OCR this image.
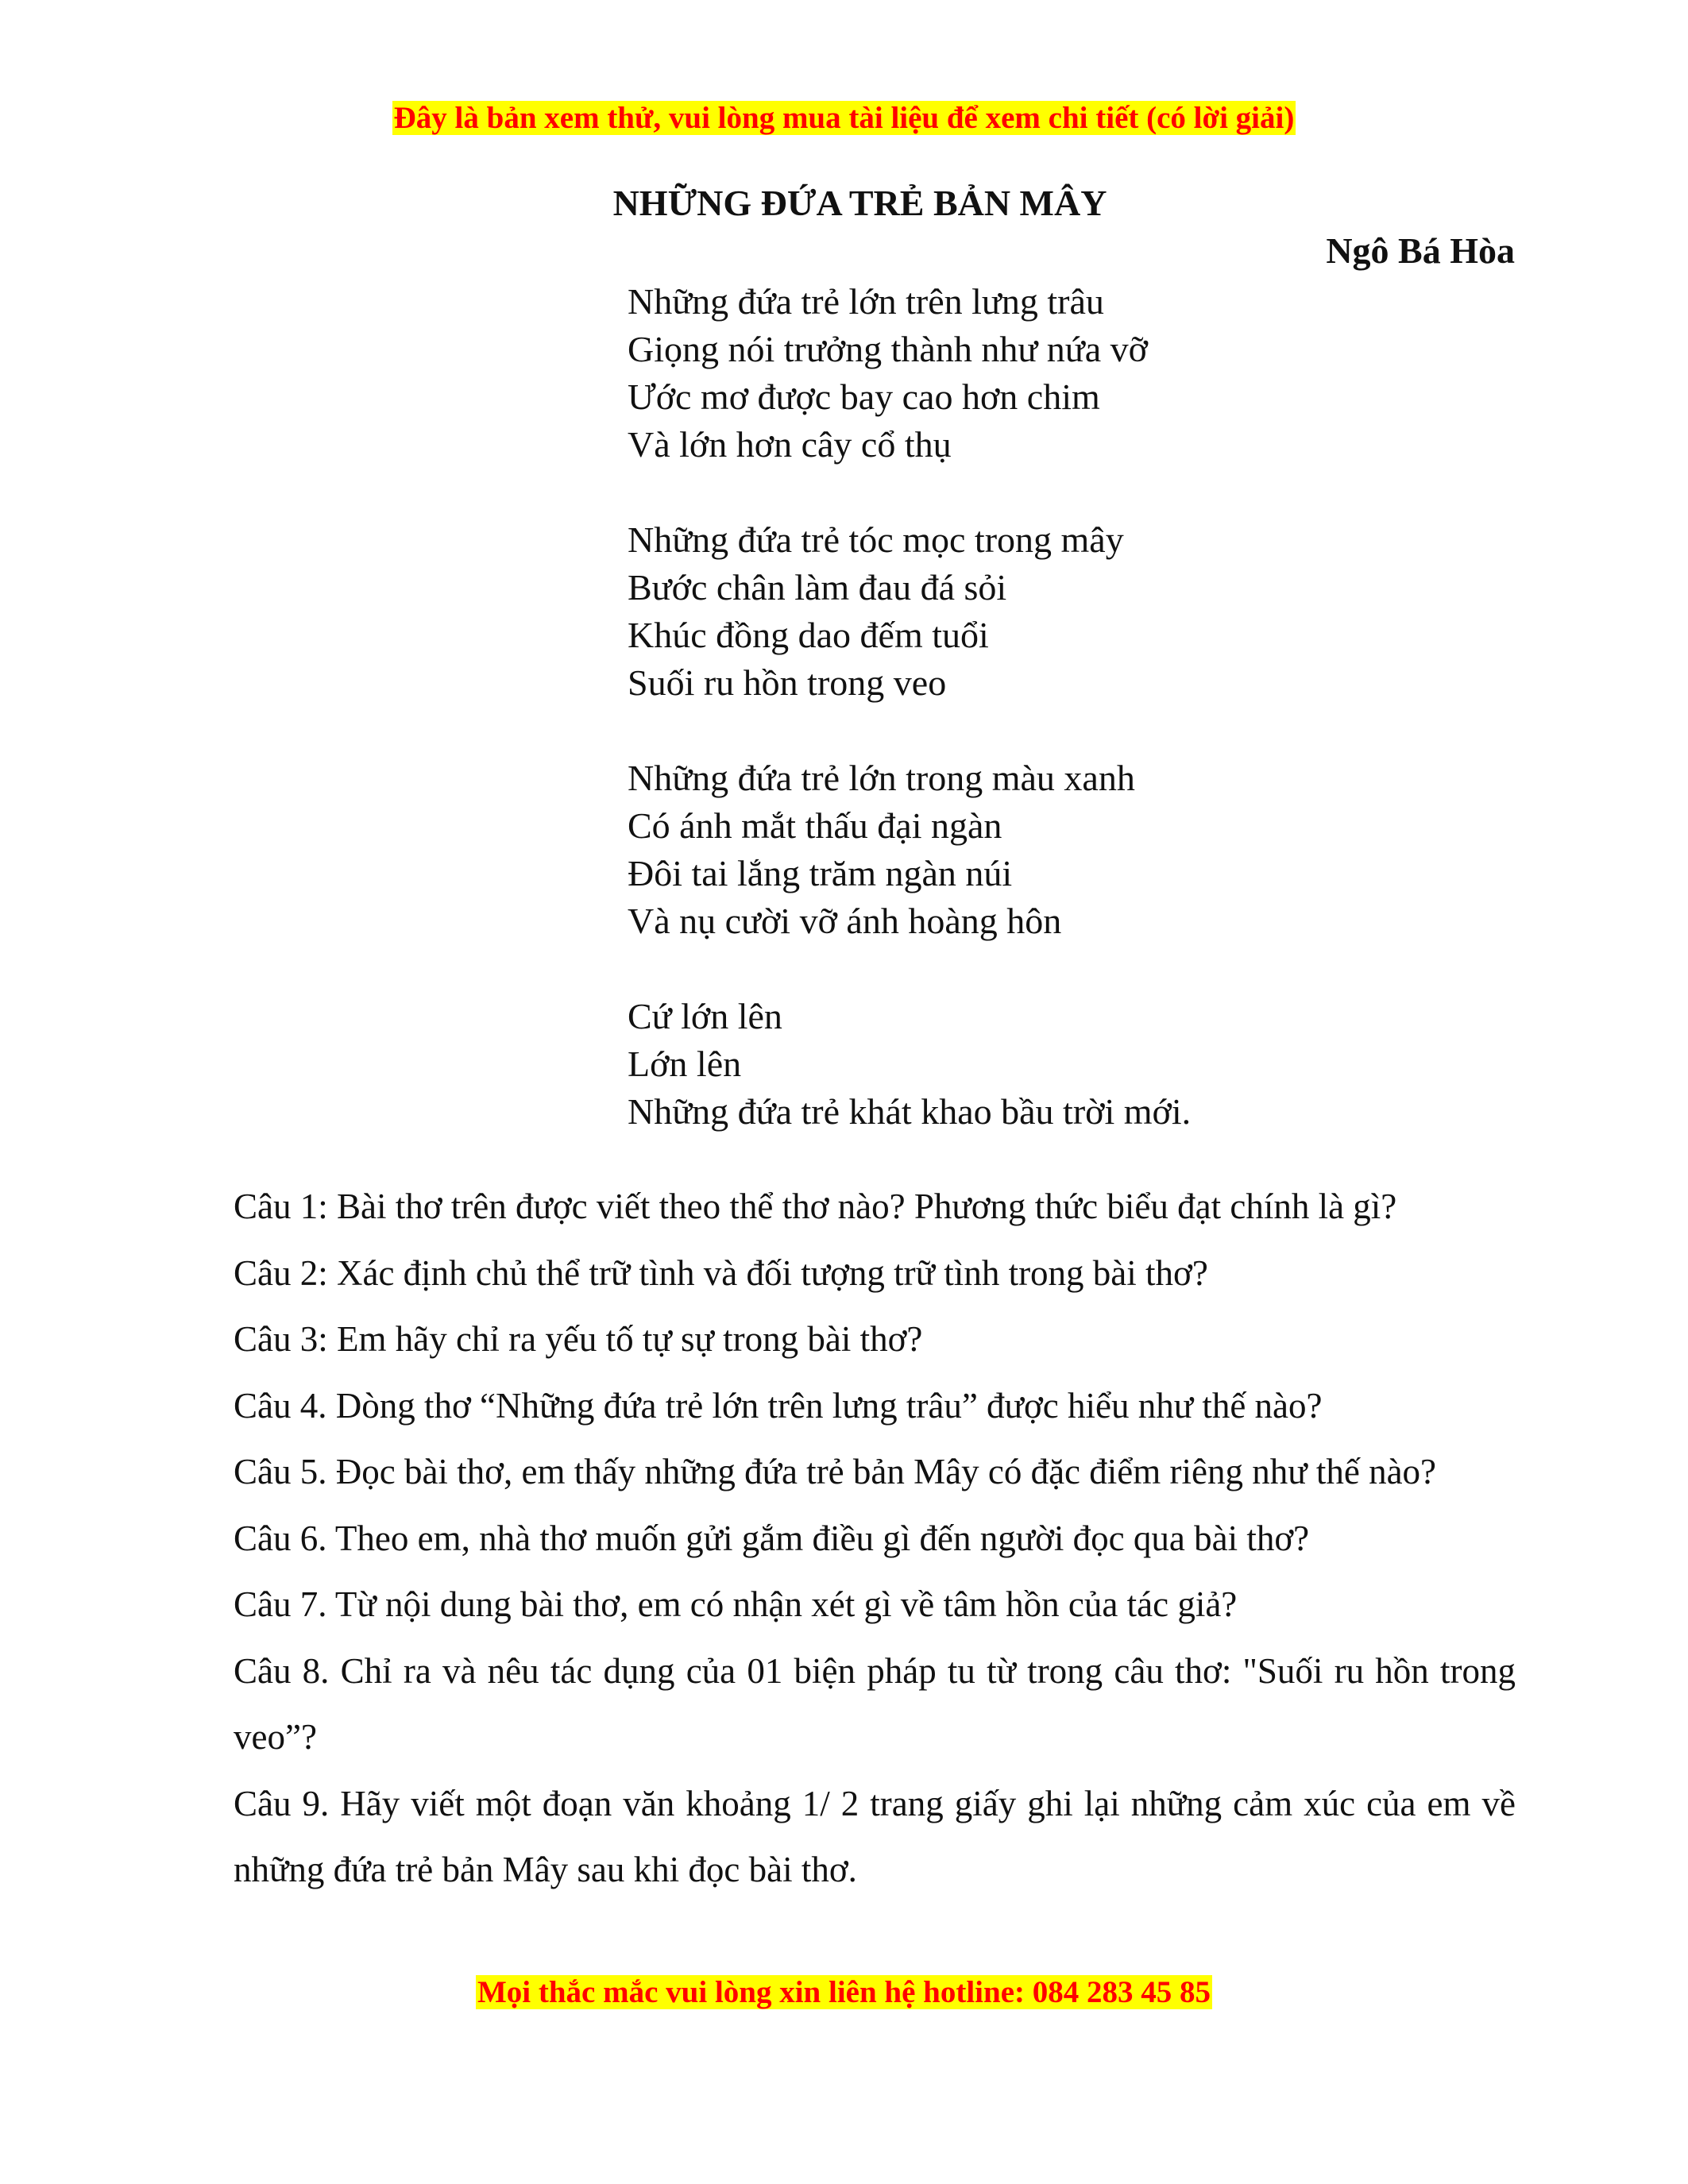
Đây là bản xem thử, vui lòng mua tài liệu để xem chi tiết (có lời giải)
NHỮNG ĐỨA TRẺ BẢN MÂY
Ngô Bá Hòa
Những đứa trẻ lớn trên lưng trâu
Giọng nói trưởng thành như nứa vỡ
Ước mơ được bay cao hơn chim
Và lớn hơn cây cổ thụ
Những đứa trẻ tóc mọc trong mây
Bước chân làm đau đá sỏi
Khúc đồng dao đếm tuổi
Suối ru hồn trong veo
Những đứa trẻ lớn trong màu xanh
Có ánh mắt thấu đại ngàn
Đôi tai lắng trăm ngàn núi
Và nụ cười vỡ ánh hoàng hôn
Cứ lớn lên
Lớn lên
Những đứa trẻ khát khao bầu trời mới.
Câu 1: Bài thơ trên được viết theo thể thơ nào? Phương thức biểu đạt chính là gì?
Câu 2: Xác định chủ thể trữ tình và đối tượng trữ tình trong bài thơ?
Câu 3: Em hãy chỉ ra yếu tố tự sự trong bài thơ?
Câu 4. Dòng thơ “Những đứa trẻ lớn trên lưng trâu” được hiểu như thế nào?
Câu 5. Đọc bài thơ, em thấy những đứa trẻ bản Mây có đặc điểm riêng như thế nào?
Câu 6. Theo em, nhà thơ muốn gửi gắm điều gì đến người đọc qua bài thơ?
Câu 7. Từ nội dung bài thơ, em có nhận xét gì về tâm hồn của tác giả?
Câu 8. Chỉ ra và nêu tác dụng của 01 biện pháp tu từ trong câu thơ: "Suối ru hồn trong veo”?
Câu 9. Hãy viết một đoạn văn khoảng 1/ 2 trang giấy ghi lại những cảm xúc của em về những đứa trẻ bản Mây sau khi đọc bài thơ.
Mọi thắc mắc vui lòng xin liên hệ hotline: 084 283 45 85
